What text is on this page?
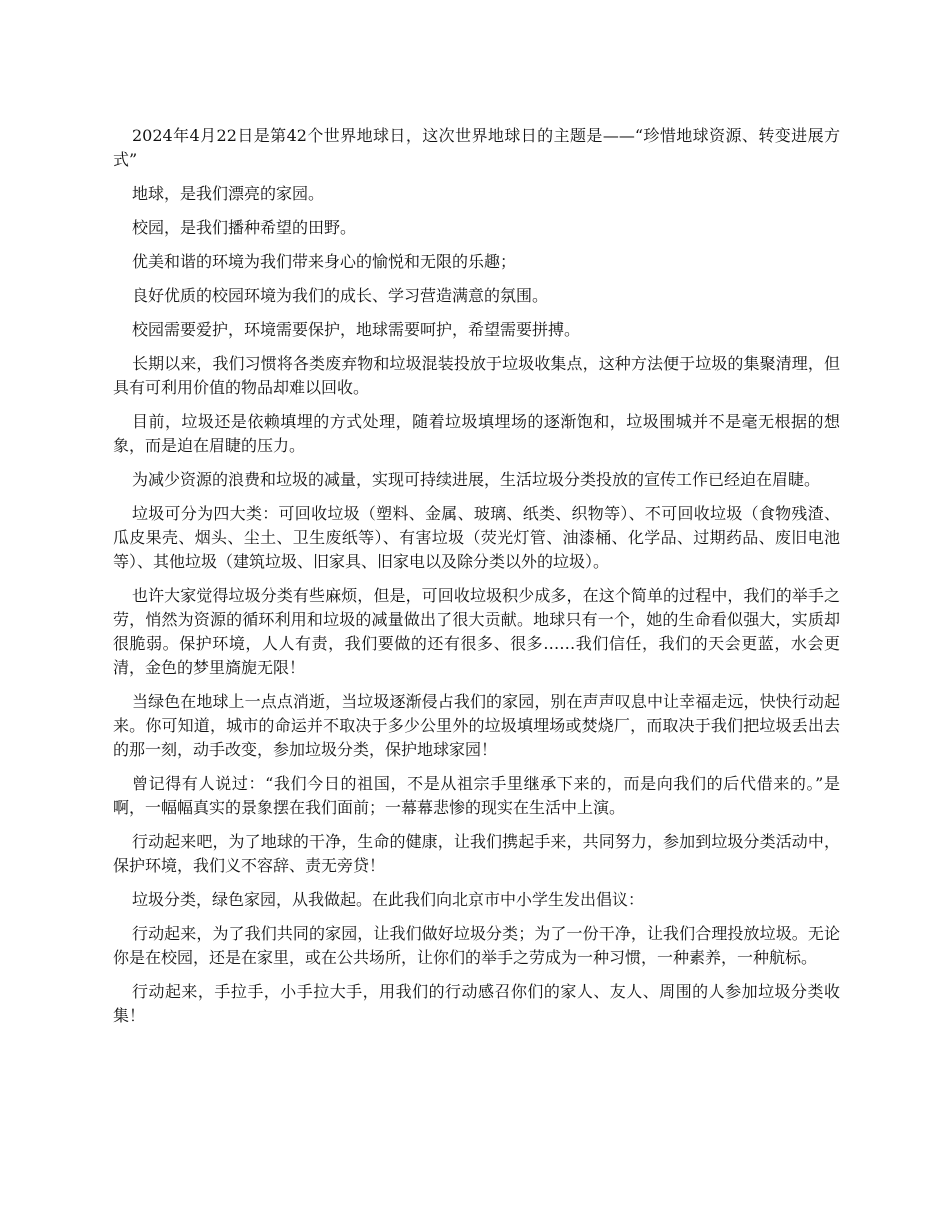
2024年4月22日是第42个世界地球日，这次世界地球日的主题是——“珍惜地球资源、转变进展方式”

地球，是我们漂亮的家园。

校园，是我们播种希望的田野。

优美和谐的环境为我们带来身心的愉悦和无限的乐趣；

良好优质的校园环境为我们的成长、学习营造满意的氛围。

校园需要爱护，环境需要保护，地球需要呵护，希望需要拼搏。

长期以来，我们习惯将各类废弃物和垃圾混装投放于垃圾收集点，这种方法便于垃圾的集聚清理，但具有可利用价值的物品却难以回收。

目前，垃圾还是依赖填埋的方式处理，随着垃圾填埋场的逐渐饱和，垃圾围城并不是毫无根据的想象，而是迫在眉睫的压力。

为减少资源的浪费和垃圾的减量，实现可持续进展，生活垃圾分类投放的宣传工作已经迫在眉睫。

垃圾可分为四大类：可回收垃圾（塑料、金属、玻璃、纸类、织物等）、不可回收垃圾（食物残渣、瓜皮果壳、烟头、尘土、卫生废纸等）、有害垃圾（荧光灯管、油漆桶、化学品、过期药品、废旧电池等）、其他垃圾（建筑垃圾、旧家具、旧家电以及除分类以外的垃圾）。

也许大家觉得垃圾分类有些麻烦，但是，可回收垃圾积少成多，在这个简单的过程中，我们的举手之劳，悄然为资源的循环利用和垃圾的减量做出了很大贡献。地球只有一个，她的生命看似强大，实质却很脆弱。保护环境，人人有责，我们要做的还有很多、很多……我们信任，我们的天会更蓝，水会更清，金色的梦里旖旎无限！

当绿色在地球上一点点消逝，当垃圾逐渐侵占我们的家园，别在声声叹息中让幸福走远，快快行动起来。你可知道，城市的命运并不取决于多少公里外的垃圾填埋场或焚烧厂，而取决于我们把垃圾丢出去的那一刻，动手改变，参加垃圾分类，保护地球家园！

曾记得有人说过：“我们今日的祖国，不是从祖宗手里继承下来的，而是向我们的后代借来的。”是啊，一幅幅真实的景象摆在我们面前；一幕幕悲惨的现实在生活中上演。

行动起来吧，为了地球的干净，生命的健康，让我们携起手来，共同努力，参加到垃圾分类活动中，保护环境，我们义不容辞、责无旁贷！

垃圾分类，绿色家园，从我做起。在此我们向北京市中小学生发出倡议：

行动起来，为了我们共同的家园，让我们做好垃圾分类；为了一份干净，让我们合理投放垃圾。无论你是在校园，还是在家里，或在公共场所，让你们的举手之劳成为一种习惯，一种素养，一种航标。

行动起来，手拉手，小手拉大手，用我们的行动感召你们的家人、友人、周围的人参加垃圾分类收集！
